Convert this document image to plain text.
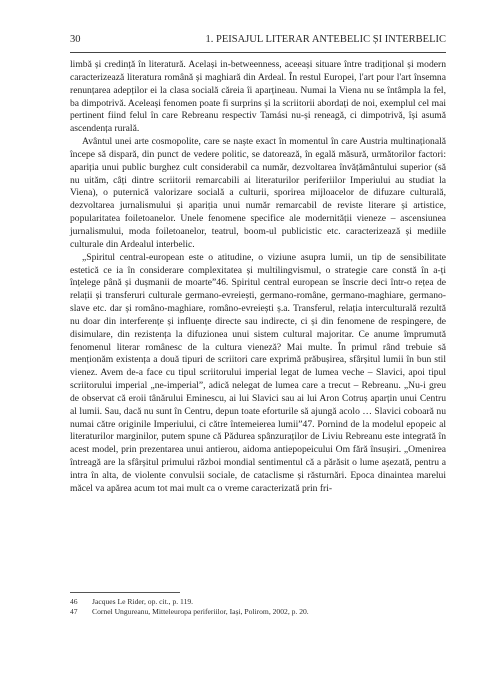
30	1. PEISAJUL LITERAR ANTEBELIC ȘI INTERBELIC

limbă și credință în literatură. Același in-betweenness, aceeași situare între tradițional și modern caracterizează literatura română și maghiară din Ardeal. În restul Europei, l'art pour l'art însemna renunțarea adepților ei la clasa socială căreia îi aparțineau. Numai la Viena nu se întâmpla la fel, ba dimpotrivă. Aceleași fenomen poate fi surprins și la scriitorii abordați de noi, exemplul cel mai pertinent fiind felul în care Rebreanu respectiv Tamási nu-și reneagă, ci dimpotrivă, își asumă ascendența rurală.

Avântul unei arte cosmopolite, care se naște exact în momentul în care Austria multinațională începe să dispară, din punct de vedere politic, se datorează, în egală măsură, următorilor factori: apariția unui public burghez cult considerabil ca număr, dezvoltarea învățământului superior (să nu uităm, câți dintre scriitorii remarcabili ai literaturilor periferiilor Imperiului au studiat la Viena), o puternică valorizare socială a culturii, sporirea mijloacelor de difuzare culturală, dezvoltarea jurnalismului și apariția unui număr remarcabil de reviste literare și artistice, popularitatea foiletoanelor. Unele fenomene specifice ale modernității vieneze – ascensiunea jurnalismului, moda foiletoanelor, teatrul, boom-ul publicistic etc. caracterizează și mediile culturale din Ardealul interbelic.

„Spiritul central-european este o atitudine, o viziune asupra lumii, un tip de sensibilitate estetică ce ia în considerare complexitatea și multilingvismul, o strategie care constă în a-ți înțelege până și dușmanii de moarte”46. Spiritul central european se înscrie deci într-o rețea de relații și transferuri culturale germano-evreiești, germano-române, germano-maghiare, germano-slave etc. dar și româno-maghiare, româno-evreiești ș.a. Transferul, relația interculturală rezultă nu doar din interferențe și influențe directe sau indirecte, ci și din fenomene de respingere, de disimulare, din rezistența la difuzionea unui sistem cultural majoritar. Ce anume împrumută fenomenul literar românesc de la cultura vieneză? Mai multe. În primul rând trebuie să menționăm existența a două tipuri de scriitori care exprimă prăbușirea, sfârșitul lumii în bun stil vienez. Avem de-a face cu tipul scriitorului imperial legat de lumea veche – Slavici, apoi tipul scriitorului imperial „ne-imperial”, adică nelegat de lumea care a trecut – Rebreanu. „Nu-i greu de observat că eroii tânărului Eminescu, ai lui Slavici sau ai lui Aron Cotruș aparțin unui Centru al lumii. Sau, dacă nu sunt în Centru, depun toate eforturile să ajungă acolo … Slavici coboară nu numai către originile Imperiului, ci către întemeierea lumii”47. Pornind de la modelul epopeic al literaturilor marginilor, putem spune că Pădurea spânzuraților de Liviu Rebreanu este integrată în acest model, prin prezentarea unui antierou, aidoma antiepopeicului Om fără însușiri. „Omenirea întreagă are la sfârșitul primului război mondial sentimentul că a părăsit o lume așezată, pentru a intra în alta, de violente convulsii sociale, de cataclisme și răsturnări. Epoca dinaintea marelui măcel va apărea acum tot mai mult ca o vreme caracterizată prin fri-

46	Jacques Le Rider, op. cit., p. 119.
47	Cornel Ungureanu, Mitteleuropa periferiilor, Iași, Polirom, 2002, p. 20.
